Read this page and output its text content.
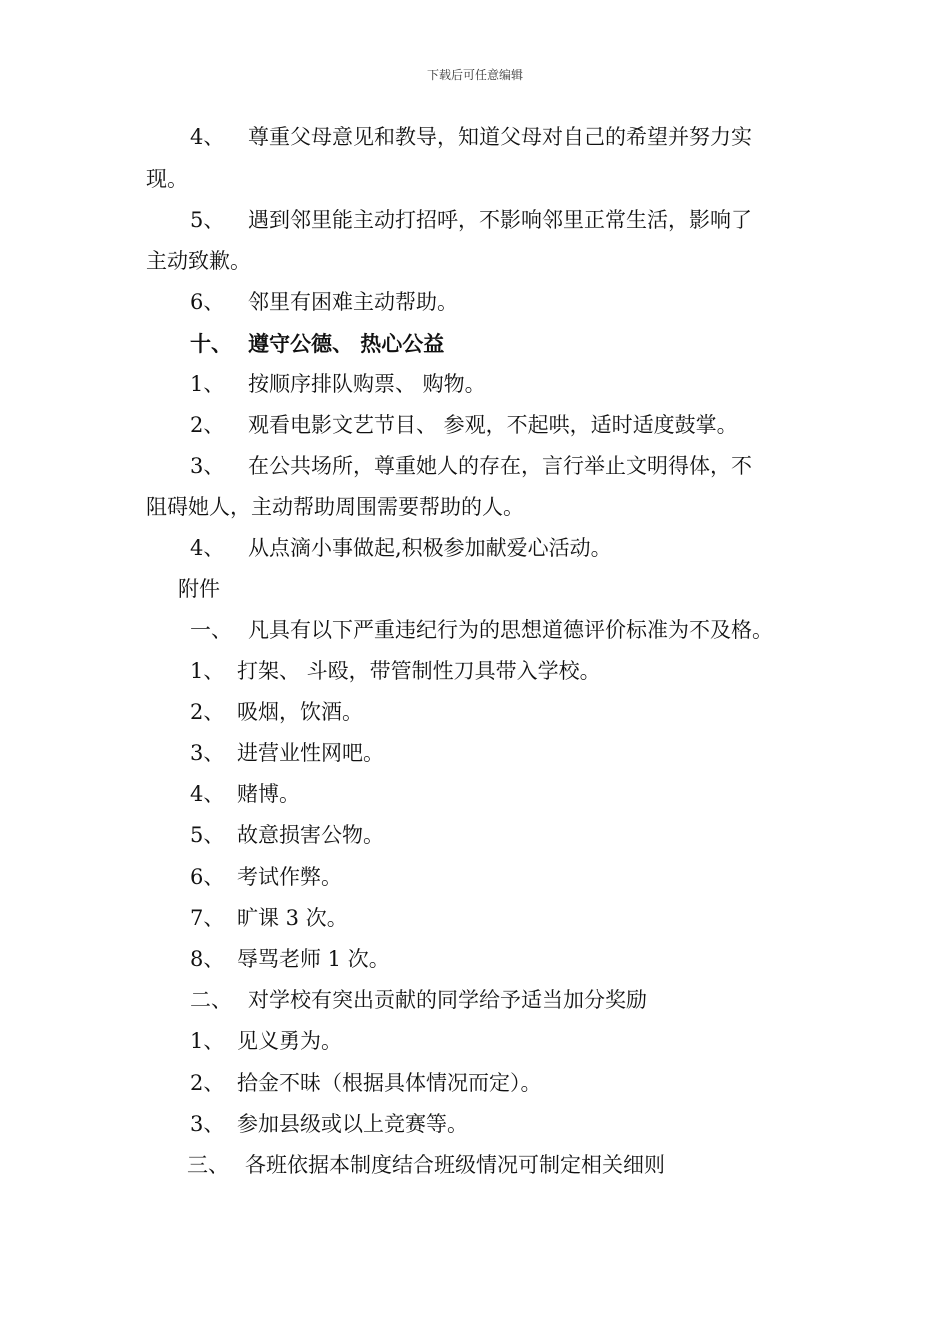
下载后可任意编辑
4、 尊重父母意见和教导，知道父母对自己的希望并努力实
现。
5、 遇到邻里能主动打招呼，不影响邻里正常生活，影响了
主动致歉。
6、 邻里有困难主动帮助。
十、 遵守公德、 热心公益
1、 按顺序排队购票、 购物。
2、 观看电影文艺节目、 参观，不起哄，适时适度鼓掌。
3、 在公共场所，尊重她人的存在，言行举止文明得体，不
阻碍她人，主动帮助周围需要帮助的人。
4、 从点滴小事做起,积极参加献爱心活动。
附件
一、 凡具有以下严重违纪行为的思想道德评价标准为不及格。
1、 打架、 斗殴，带管制性刀具带入学校。
2、 吸烟，饮酒。
3、 进营业性网吧。
4、 赌博。
5、 故意损害公物。
6、 考试作弊。
7、 旷课 3 次。
8、 辱骂老师 1 次。
二、 对学校有突出贡献的同学给予适当加分奖励
1、 见义勇为。
2、 拾金不昧（根据具体情况而定）。
3、 参加县级或以上竞赛等。
三、 各班依据本制度结合班级情况可制定相关细则
